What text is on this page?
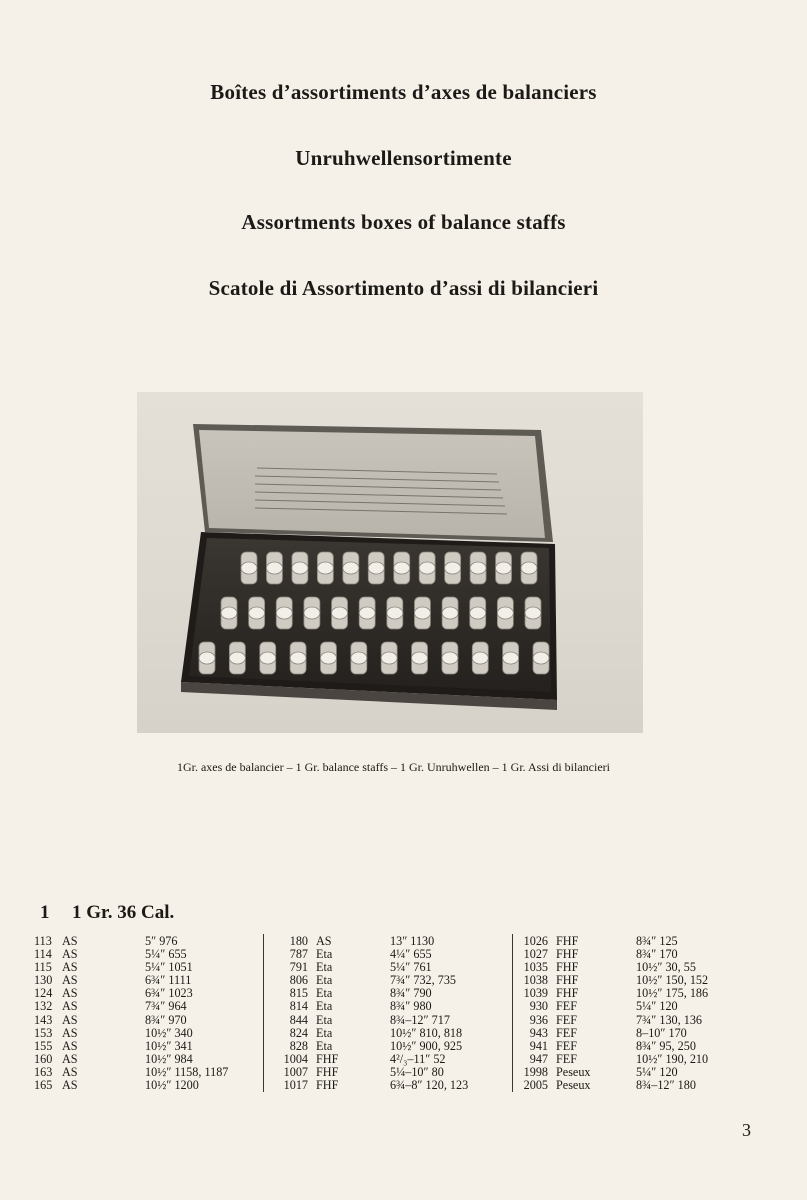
Boîtes d’assortiments d’axes de balanciers
Unruhwellensortimente
Assortments boxes of balance staffs
Scatole di Assortimento d’assi di bilancieri
1Gr. axes de balancier – 1 Gr. balance staffs – 1 Gr. Unruhwellen – 1 Gr. Assi di bilancieri
1 1 Gr. 36 Cal.
113 AS	5″ 976
114 AS	5¼″ 655
115 AS	5¼″ 1051
130 AS	6¾″ 1111
124 AS	6¾″ 1023
132 AS	7¾″ 964
143 AS	8¾″ 970
153 AS	10½″ 340
155 AS	10½″ 341
160 AS	10½″ 984
163 AS	10½″ 1158, 1187
165 AS	10½″ 1200
180 AS	13″ 1130
787 Eta	4¼″ 655
791 Eta	5¼″ 761
806 Eta	7¾″ 732, 735
815 Eta	8¾″ 790
814 Eta	8¾″ 980
844 Eta	8¾–12″ 717
824 Eta	10½″ 810, 818
828 Eta	10½″ 900, 925
1004 FHF	4²/₃–11″ 52
1007 FHF	5¼–10″ 80
1017 FHF	6¾–8″ 120, 123
1026 FHF	8¾″ 125
1027 FHF	8¾″ 170
1035 FHF	10½″ 30, 55
1038 FHF	10½″ 150, 152
1039 FHF	10½″ 175, 186
930 FEF	5¼″ 120
936 FEF	7¾″ 130, 136
943 FEF	8–10″ 170
941 FEF	8¾″ 95, 250
947 FEF	10½″ 190, 210
1998 Peseux	5¼″ 120
2005 Peseux	8¾–12″ 180
3
